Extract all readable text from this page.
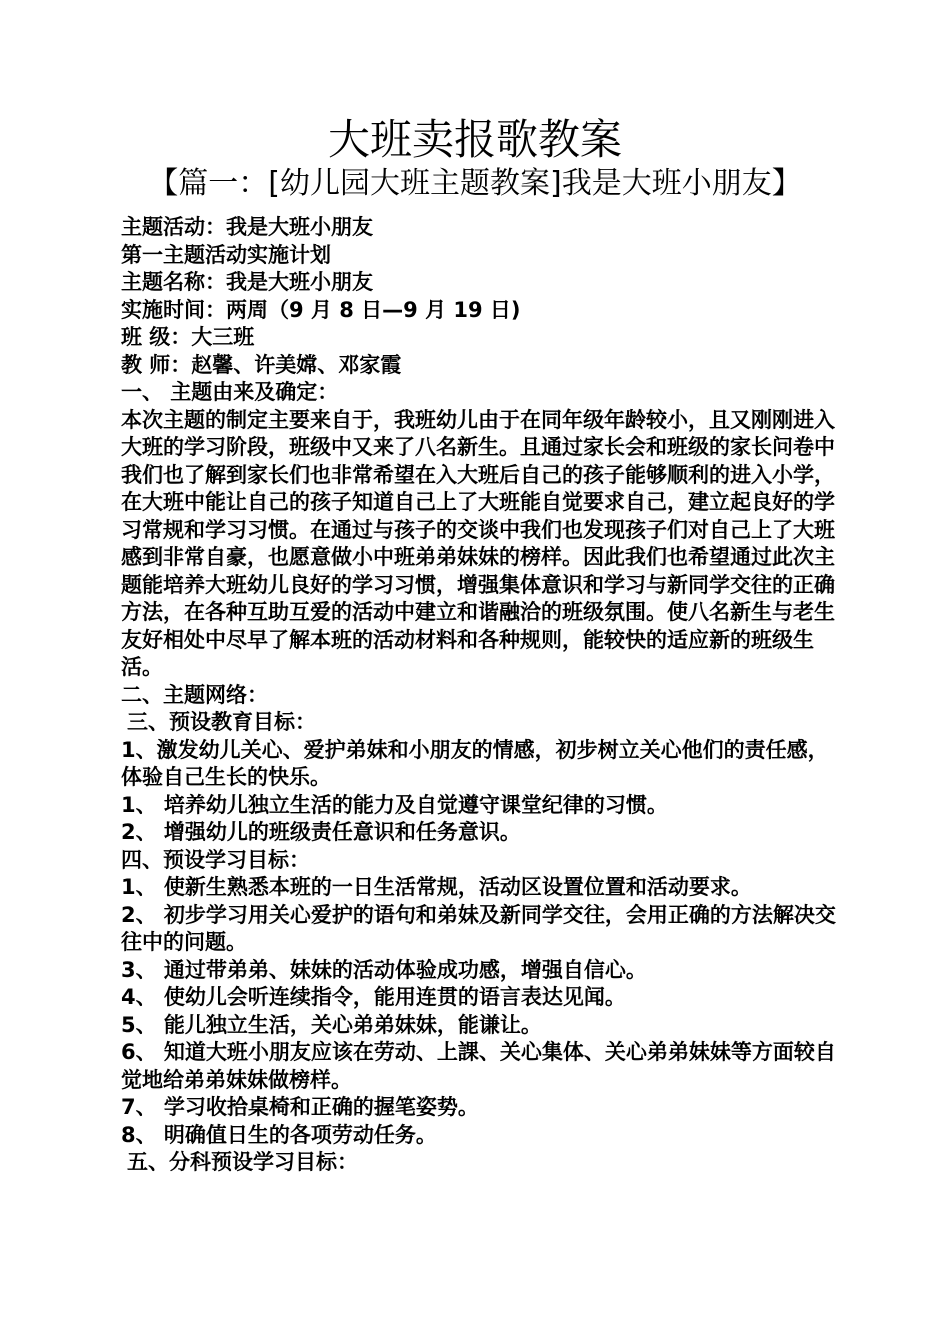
大班卖报歌教案
【篇一：[幼儿园大班主题教案]我是大班小朋友】

主题活动：我是大班小朋友

第一主题活动实施计划

主题名称：我是大班小朋友

实施时间：两周（9 月 8 日—9 月 19 日)

班 级：大三班

教 师：赵馨、许美嫦、邓家霞

一、 主题由来及确定：

本次主题的制定主要来自于，我班幼儿由于在同年级年龄较小，且又刚刚进入大班的学习阶段，班级中又来了八名新生。且通过家长会和班级的家长问卷中我们也了解到家长们也非常希望在入大班后自己的孩子能够顺利的进入小学，在大班中能让自己的孩子知道自己上了大班能自觉要求自己，建立起良好的学习常规和学习习惯。在通过与孩子的交谈中我们也发现孩子们对自己上了大班感到非常自豪，也愿意做小中班弟弟妹妹的榜样。因此我们也希望通过此次主题能培养大班幼儿良好的学习习惯，增强集体意识和学习与新同学交往的正确方法，在各种互助互爱的活动中建立和谐融洽的班级氛围。使八名新生与老生友好相处中尽早了解本班的活动材料和各种规则，能较快的适应新的班级生活。

二、主题网络：

三、预设教育目标：

1、激发幼儿关心、爱护弟妹和小朋友的情感，初步树立关心他们的责任感，体验自己生长的快乐。

1、 培养幼儿独立生活的能力及自觉遵守课堂纪律的习惯。

2、 增强幼儿的班级责任意识和任务意识。

四、预设学习目标：

1、 使新生熟悉本班的一日生活常规，活动区设置位置和活动要求。

2、 初步学习用关心爱护的语句和弟妹及新同学交往，会用正确的方法解决交往中的问题。

3、 通过带弟弟、妹妹的活动体验成功感，增强自信心。

4、 使幼儿会听连续指令，能用连贯的语言表达见闻。

5、 能儿独立生活，关心弟弟妹妹，能谦让。

6、 知道大班小朋友应该在劳动、上課、关心集体、关心弟弟妹妹等方面较自觉地给弟弟妹妹做榜样。

7、 学习收拾桌椅和正确的握笔姿势。

8、 明确值日生的各项劳动任务。

五、分科预设学习目标：
